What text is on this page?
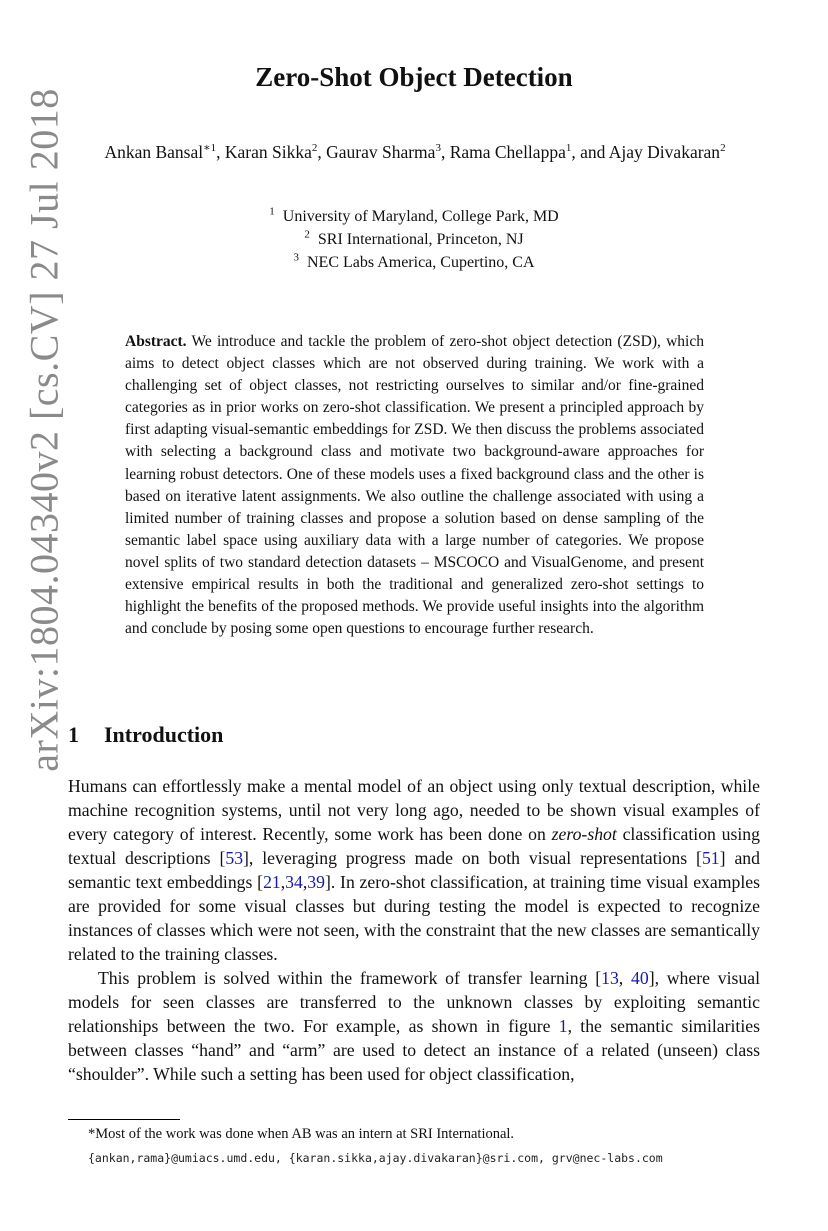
arXiv:1804.04340v2 [cs.CV] 27 Jul 2018
Zero-Shot Object Detection
Ankan Bansal$^{∗1}$, Karan Sikka$^2$, Gaurav Sharma$^3$, Rama Chellappa$^1$, and Ajay Divakaran$^2$
$^1$ University of Maryland, College Park, MD
$^2$ SRI International, Princeton, NJ
$^3$ NEC Labs America, Cupertino, CA
Abstract. We introduce and tackle the problem of zero-shot object detection (ZSD), which aims to detect object classes which are not observed during training. We work with a challenging set of object classes, not restricting ourselves to similar and/or fine-grained categories as in prior works on zero-shot classification. We present a principled approach by first adapting visual-semantic embeddings for ZSD. We then discuss the problems associated with selecting a background class and motivate two background-aware approaches for learning robust detectors. One of these models uses a fixed background class and the other is based on iterative latent assignments. We also outline the challenge associated with using a limited number of training classes and propose a solution based on dense sampling of the semantic label space using auxiliary data with a large number of categories. We propose novel splits of two standard detection datasets – MSCOCO and VisualGenome, and present extensive empirical results in both the traditional and generalized zero-shot settings to highlight the benefits of the proposed methods. We provide useful insights into the algorithm and conclude by posing some open questions to encourage further research.
1 Introduction

Humans can effortlessly make a mental model of an object using only textual description, while machine recognition systems, until not very long ago, needed to be shown visual examples of every category of interest. Recently, some work has been done on zero-shot classification using textual descriptions [53], leveraging progress made on both visual representations [51] and semantic text embeddings [21,34,39]. In zero-shot classification, at training time visual examples are provided for some visual classes but during testing the model is expected to recognize instances of classes which were not seen, with the constraint that the new classes are semantically related to the training classes.

This problem is solved within the framework of transfer learning [13, 40], where visual models for seen classes are transferred to the unknown classes by exploiting semantic relationships between the two. For example, as shown in figure 1, the semantic similarities between classes “hand” and “arm” are used to detect an instance of a related (unseen) class “shoulder”. While such a setting has been used for object classification,

*Most of the work was done when AB was an intern at SRI International.
{ankan,rama}@umiacs.umd.edu, {karan.sikka,ajay.divakaran}@sri.com, grv@nec-labs.com
